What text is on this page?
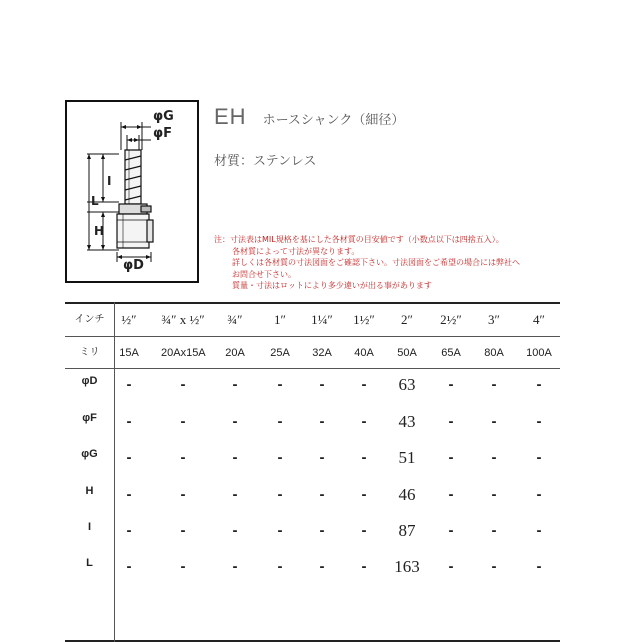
φG
φF
I
L
H
φD
EH ホースシャンク（細径）
材質：ステンレス
注：寸法表はMIL規格を基にした各材質の目安値です（小数点以下は四捨五入）。
各材質によって寸法が異なります。
詳しくは各材質の寸法図面をご確認下さい。寸法図面をご希望の場合には弊社へ
お問合せ下さい。
質量・寸法はロットにより多少違いが出る事があります
インチ	½″	¾″ x ½″	¾″	1″	1¼″	1½″	2″	2½″	3″	4″
ミリ	15A	20Ax15A	20A	25A	32A	40A	50A	65A	80A	100A
φD	-	-	-	-	-	-	63	-	-	-
φF	-	-	-	-	-	-	43	-	-	-
φG	-	-	-	-	-	-	51	-	-	-
H	-	-	-	-	-	-	46	-	-	-
I	-	-	-	-	-	-	87	-	-	-
L	-	-	-	-	-	-	163	-	-	-
